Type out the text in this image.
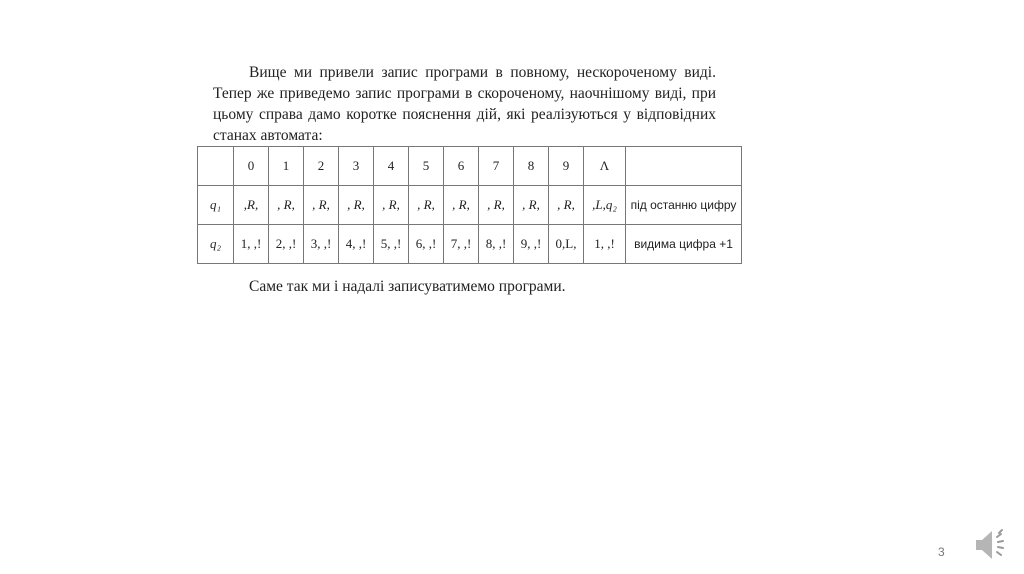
Вище ми привели запис програми в повному, нескороченому виді. Тепер же приведемо запис програми в скороченому, наочнішому виді, при цьому справа дамо коротке пояснення дій, які реалізуються у відповідних станах автомата:
	0	1	2	3	4	5	6	7	8	9	Λ	
q₁	,R,	, R,	, R,	, R,	, R,	, R,	, R,	, R,	, R,	, R,	,L,q₂	під останню цифру
q₂	1, ,!	2, ,!	3, ,!	4, ,!	5, ,!	6, ,!	7, ,!	8, ,!	9, ,!	0,L,	1, ,!	видима цифра +1
Саме так ми і надалі записуватимемо програми.
3
